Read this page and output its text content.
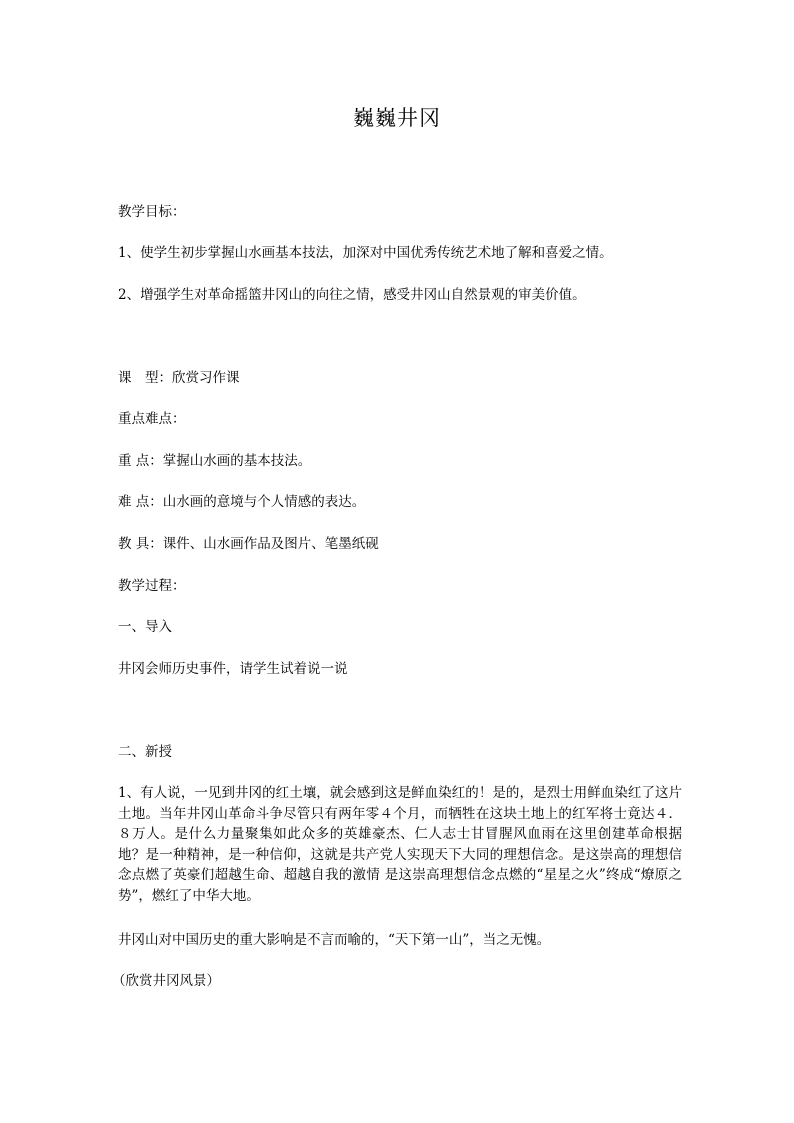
巍巍井冈
教学目标：
1、使学生初步掌握山水画基本技法，加深对中国优秀传统艺术地了解和喜爱之情。
2、增强学生对革命摇篮井冈山的向往之情，感受井冈山自然景观的审美价值。
课　型：欣赏习作课
重点难点：
重 点：掌握山水画的基本技法。
难 点：山水画的意境与个人情感的表达。
教 具：课件、山水画作品及图片、笔墨纸砚
教学过程：
一、导入
井冈会师历史事件，请学生试着说一说
二、新授
1、有人说，一见到井冈的红土壤，就会感到这是鲜血染红的！是的，是烈士用鲜血染红了这片土地。当年井冈山革命斗争尽管只有两年零４个月，而牺牲在这块土地上的红军将士竟达４．８万人。是什么力量聚集如此众多的英雄豪杰、仁人志士甘冒腥风血雨在这里创建革命根据地？是一种精神，是一种信仰，这就是共产党人实现天下大同的理想信念。是这崇高的理想信念点燃了英豪们超越生命、超越自我的激情 是这崇高理想信念点燃的“星星之火”终成“燎原之势”，燃红了中华大地。
井冈山对中国历史的重大影响是不言而喻的，“天下第一山”，当之无愧。
（欣赏井冈风景）
